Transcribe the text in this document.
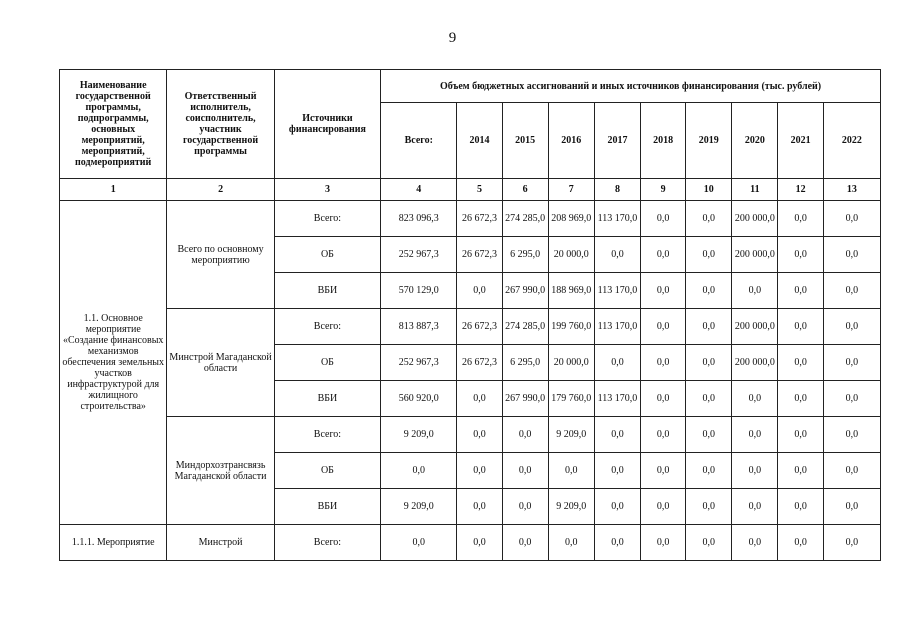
9
Наименование государственной программы, подпрограммы, основных мероприятий, мероприятий, подмероприятий	Ответственный исполнитель, соисполнитель, участник государственной программы	Источники финансирования	Объем бюджетных ассигнований и иных источников финансирования (тыс. рублей)									
			Всего:	2014	2015	2016	2017	2018	2019	2020	2021	2022
1	2	3	4	5	6	7	8	9	10	11	12	13
1.1. Основное мероприятие «Создание финансовых механизмов обеспечения земельных участков инфраструктурой для жилищного строительства»	Всего по основному мероприятию	Всего:	823 096,3	26 672,3	274 285,0	208 969,0	113 170,0	0,0	0,0	200 000,0	0,0	0,0
		ОБ	252 967,3	26 672,3	6 295,0	20 000,0	0,0	0,0	0,0	200 000,0	0,0	0,0
		ВБИ	570 129,0	0,0	267 990,0	188 969,0	113 170,0	0,0	0,0	0,0	0,0	0,0
	Минстрой Магаданской области	Всего:	813 887,3	26 672,3	274 285,0	199 760,0	113 170,0	0,0	0,0	200 000,0	0,0	0,0
		ОБ	252 967,3	26 672,3	6 295,0	20 000,0	0,0	0,0	0,0	200 000,0	0,0	0,0
		ВБИ	560 920,0	0,0	267 990,0	179 760,0	113 170,0	0,0	0,0	0,0	0,0	0,0
	Миндорхозтрансвязь Магаданской области	Всего:	9 209,0	0,0	0,0	9 209,0	0,0	0,0	0,0	0,0	0,0	0,0
		ОБ	0,0	0,0	0,0	0,0	0,0	0,0	0,0	0,0	0,0	0,0
		ВБИ	9 209,0	0,0	0,0	9 209,0	0,0	0,0	0,0	0,0	0,0	0,0
1.1.1. Мероприятие	Минстрой	Всего:	0,0	0,0	0,0	0,0	0,0	0,0	0,0	0,0	0,0	0,0
